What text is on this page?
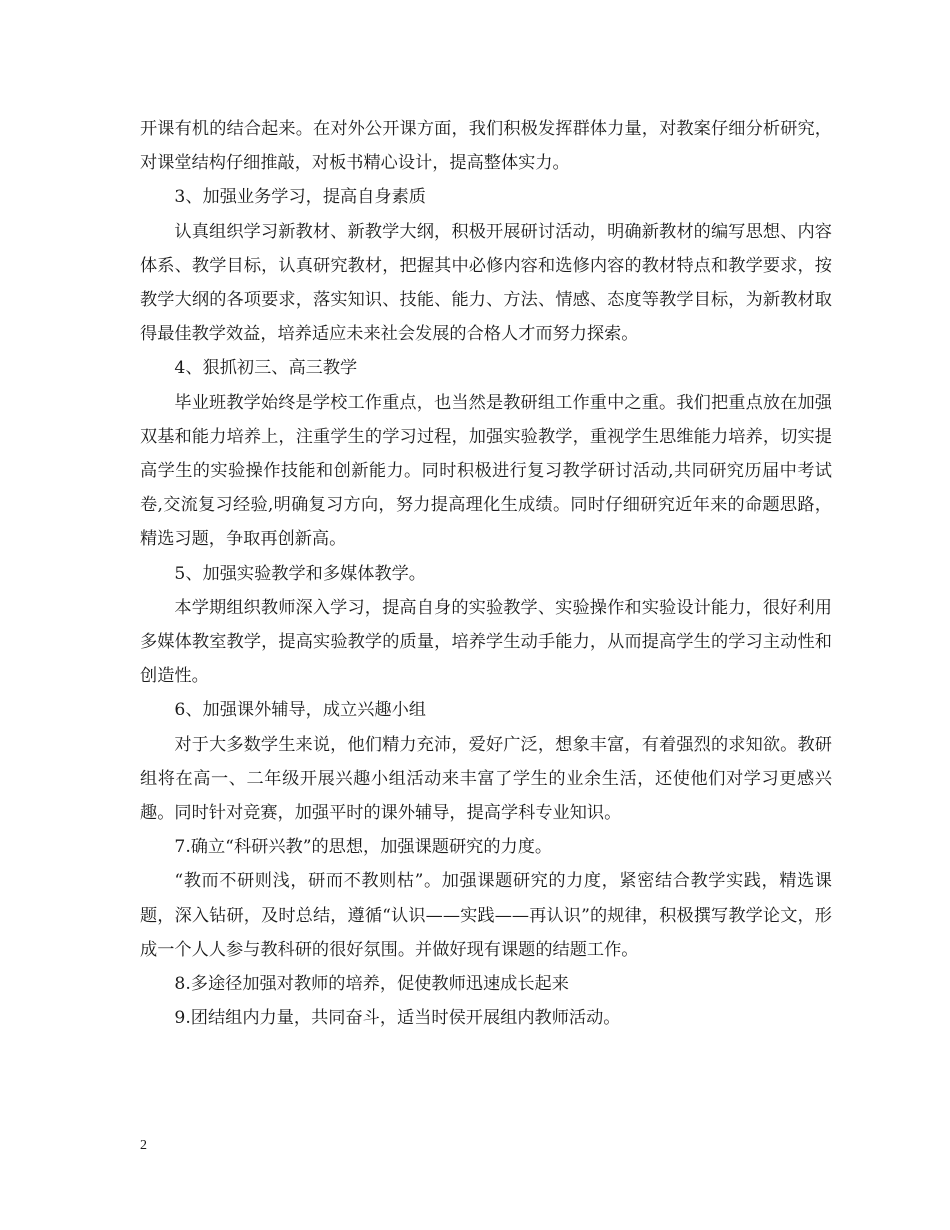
开课有机的结合起来。在对外公开课方面，我们积极发挥群体力量，对教案仔细分析研究，对课堂结构仔细推敲，对板书精心设计，提高整体实力。

3、加强业务学习，提高自身素质

认真组织学习新教材、新教学大纲，积极开展研讨活动，明确新教材的编写思想、内容体系、教学目标，认真研究教材，把握其中必修内容和选修内容的教材特点和教学要求，按教学大纲的各项要求，落实知识、技能、能力、方法、情感、态度等教学目标，为新教材取得最佳教学效益，培养适应未来社会发展的合格人才而努力探索。

4、狠抓初三、高三教学

毕业班教学始终是学校工作重点，也当然是教研组工作重中之重。我们把重点放在加强双基和能力培养上，注重学生的学习过程，加强实验教学，重视学生思维能力培养，切实提高学生的实验操作技能和创新能力。同时积极进行复习教学研讨活动,共同研究历届中考试卷,交流复习经验,明确复习方向，努力提高理化生成绩。同时仔细研究近年来的命题思路，精选习题，争取再创新高。

5、加强实验教学和多媒体教学。

本学期组织教师深入学习，提高自身的实验教学、实验操作和实验设计能力，很好利用多媒体教室教学，提高实验教学的质量，培养学生动手能力，从而提高学生的学习主动性和创造性。

6、加强课外辅导，成立兴趣小组

对于大多数学生来说，他们精力充沛，爱好广泛，想象丰富，有着强烈的求知欲。教研组将在高一、二年级开展兴趣小组活动来丰富了学生的业余生活，还使他们对学习更感兴趣。同时针对竞赛，加强平时的课外辅导，提高学科专业知识。

7.确立“科研兴教”的思想，加强课题研究的力度。

“教而不研则浅，研而不教则枯”。加强课题研究的力度，紧密结合教学实践，精选课题，深入钻研，及时总结，遵循“认识——实践——再认识”的规律，积极撰写教学论文，形成一个人人参与教科研的很好氛围。并做好现有课题的结题工作。

8.多途径加强对教师的培养，促使教师迅速成长起来

9.团结组内力量，共同奋斗，适当时侯开展组内教师活动。

2
